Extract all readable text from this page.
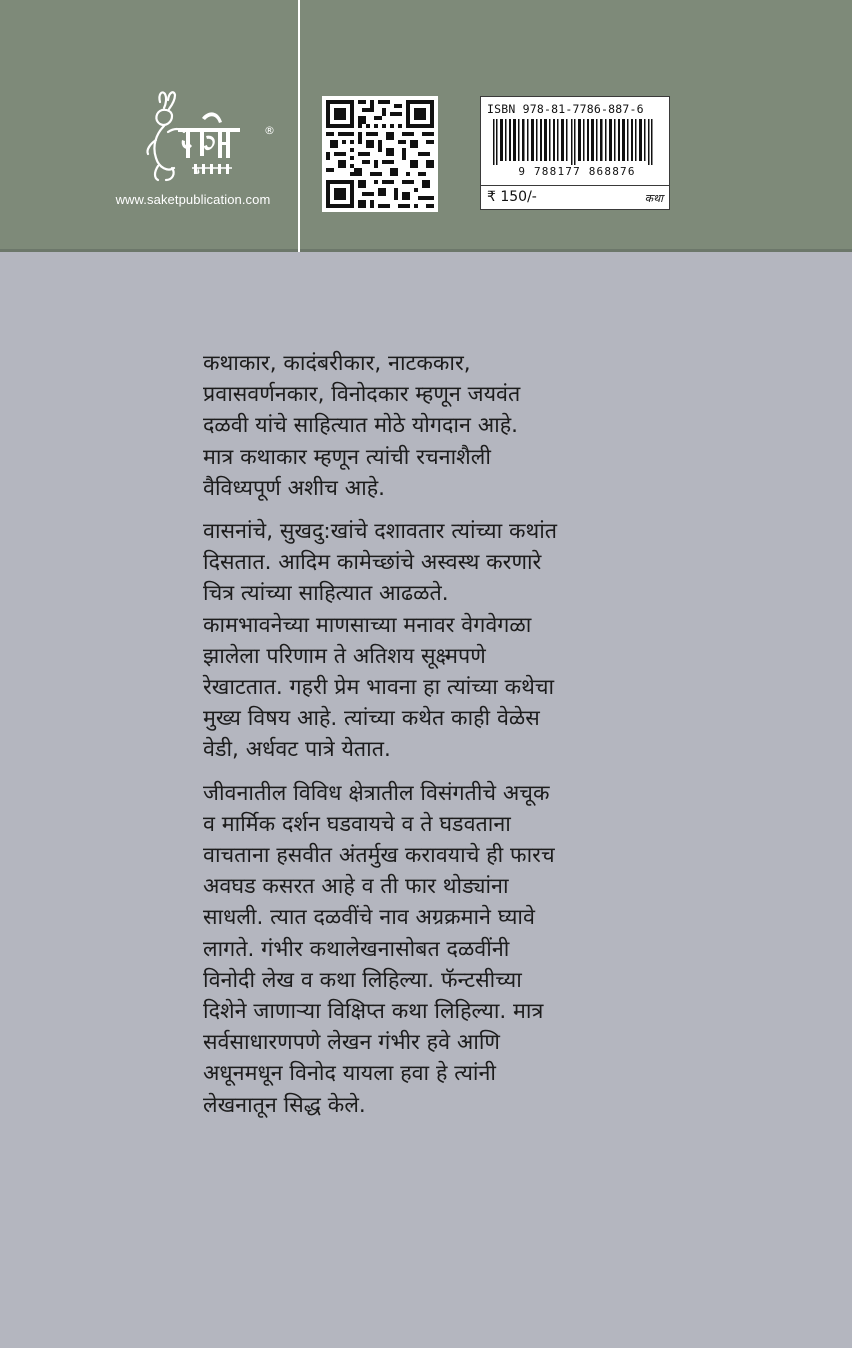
®
www.saketpublication.com
ISBN 978-81-7786-887-6
9 788177 868876
₹ 150/-	कथा

कथाकार, कादंबरीकार, नाटककार,
प्रवासवर्णनकार, विनोदकार म्हणून जयवंत
दळवी यांचे साहित्यात मोठे योगदान आहे.
मात्र कथाकार म्हणून त्यांची रचनाशैली
वैविध्यपूर्ण अशीच आहे.

वासनांचे, सुखदु:खांचे दशावतार त्यांच्या कथांत
दिसतात. आदिम कामेच्छांचे अस्वस्थ करणारे
चित्र त्यांच्या साहित्यात आढळते.
कामभावनेच्या माणसाच्या मनावर वेगवेगळा
झालेला परिणाम ते अतिशय सूक्ष्मपणे
रेखाटतात. गहरी प्रेम भावना हा त्यांच्या कथेचा
मुख्य विषय आहे. त्यांच्या कथेत काही वेळेस
वेडी, अर्धवट पात्रे येतात.

जीवनातील विविध क्षेत्रातील विसंगतीचे अचूक
व मार्मिक दर्शन घडवायचे व ते घडवताना
वाचताना हसवीत अंतर्मुख करावयाचे ही फारच
अवघड कसरत आहे व ती फार थोड्यांना
साधली. त्यात दळवींचे नाव अग्रक्रमाने घ्यावे
लागते. गंभीर कथालेखनासोबत दळवींनी
विनोदी लेख व कथा लिहिल्या. फॅन्टसीच्या
दिशेने जाणाऱ्या विक्षिप्त कथा लिहिल्या. मात्र
सर्वसाधारणपणे लेखन गंभीर हवे आणि
अधूनमधून विनोद यायला हवा हे त्यांनी
लेखनातून सिद्ध केले.
